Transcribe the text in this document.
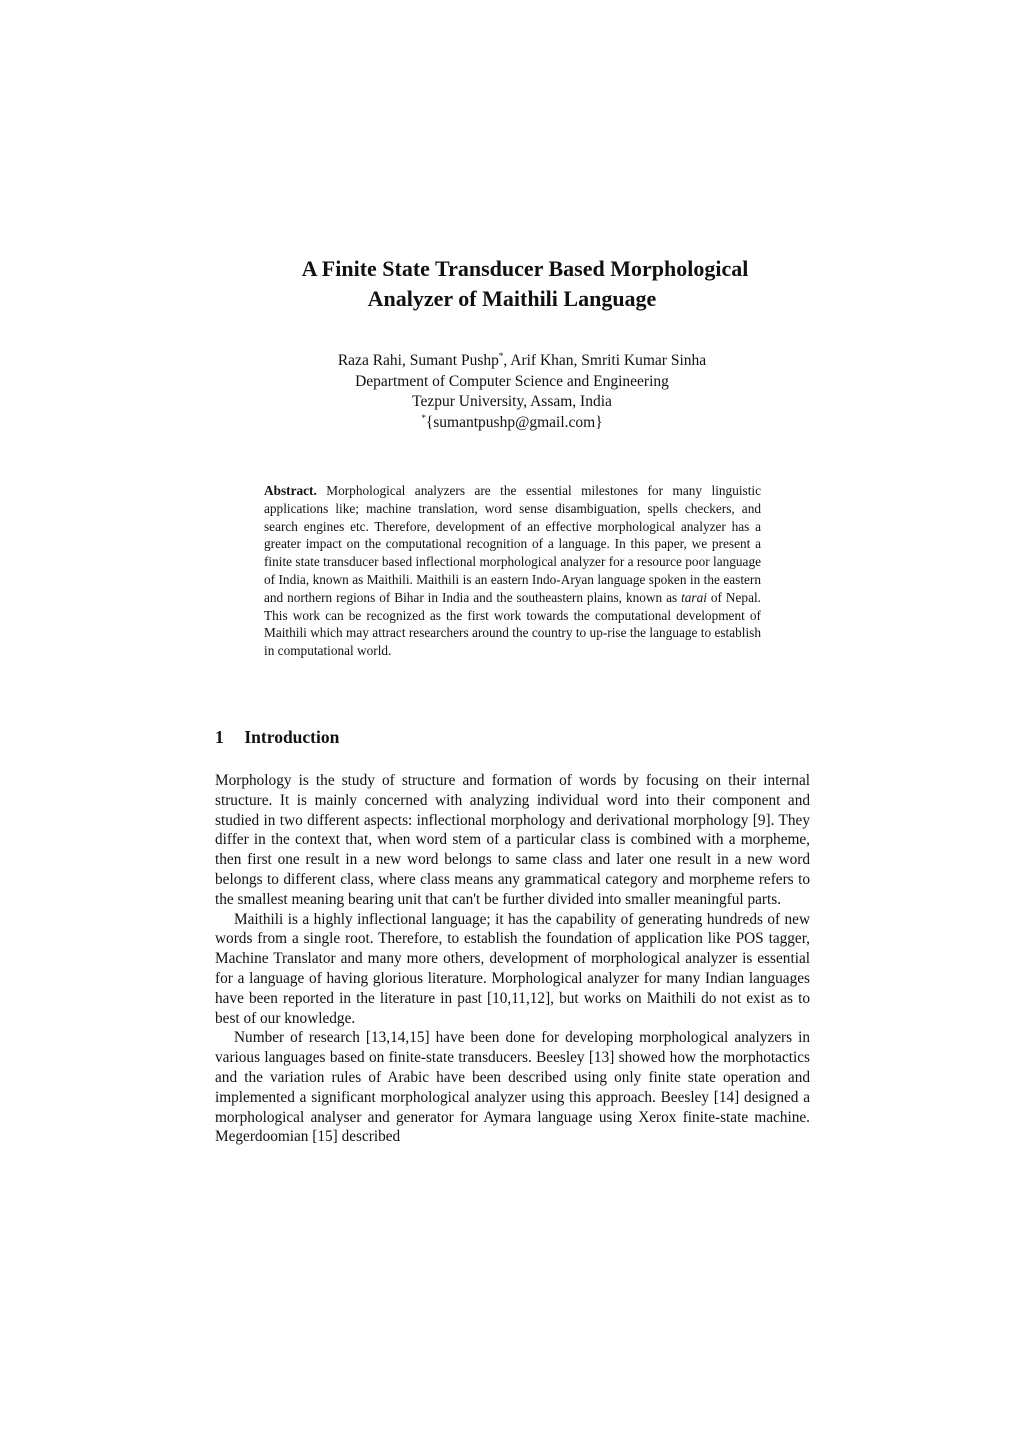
A Finite State Transducer Based Morphological
Analyzer of Maithili Language
Raza Rahi, Sumant Pushp*, Arif Khan, Smriti Kumar Sinha
Department of Computer Science and Engineering
Tezpur University, Assam, India
*{sumantpushp@gmail.com}
Abstract. Morphological analyzers are the essential milestones for many linguistic applications like; machine translation, word sense disambiguation, spells checkers, and search engines etc. Therefore, development of an effective morphological analyzer has a greater impact on the computational recognition of a language. In this paper, we present a finite state transducer based inflectional morphological analyzer for a resource poor language of India, known as Maithili. Maithili is an eastern Indo-Aryan language spoken in the eastern and northern regions of Bihar in India and the southeastern plains, known as tarai of Nepal. This work can be recognized as the first work towards the computational development of Maithili which may attract researchers around the country to up-rise the language to establish in computational world.
1 Introduction

Morphology is the study of structure and formation of words by focusing on their internal structure. It is mainly concerned with analyzing individual word into their component and studied in two different aspects: inflectional morphology and derivational morphology [9]. They differ in the context that, when word stem of a particular class is combined with a morpheme, then first one result in a new word belongs to same class and later one result in a new word belongs to different class, where class means any grammatical category and morpheme refers to the smallest meaning bearing unit that can't be further divided into smaller meaningful parts.

Maithili is a highly inflectional language; it has the capability of generating hundreds of new words from a single root. Therefore, to establish the foundation of application like POS tagger, Machine Translator and many more others, development of morphological analyzer is essential for a language of having glorious literature. Morphological analyzer for many Indian languages have been reported in the literature in past [10,11,12], but works on Maithili do not exist as to best of our knowledge.

Number of research [13,14,15] have been done for developing morphological analyzers in various languages based on finite-state transducers. Beesley [13] showed how the morphotactics and the variation rules of Arabic have been described using only finite state operation and implemented a significant morphological analyzer using this approach. Beesley [14] designed a morphological analyser and generator for Aymara language using Xerox finite-state machine. Megerdoomian [15] described
